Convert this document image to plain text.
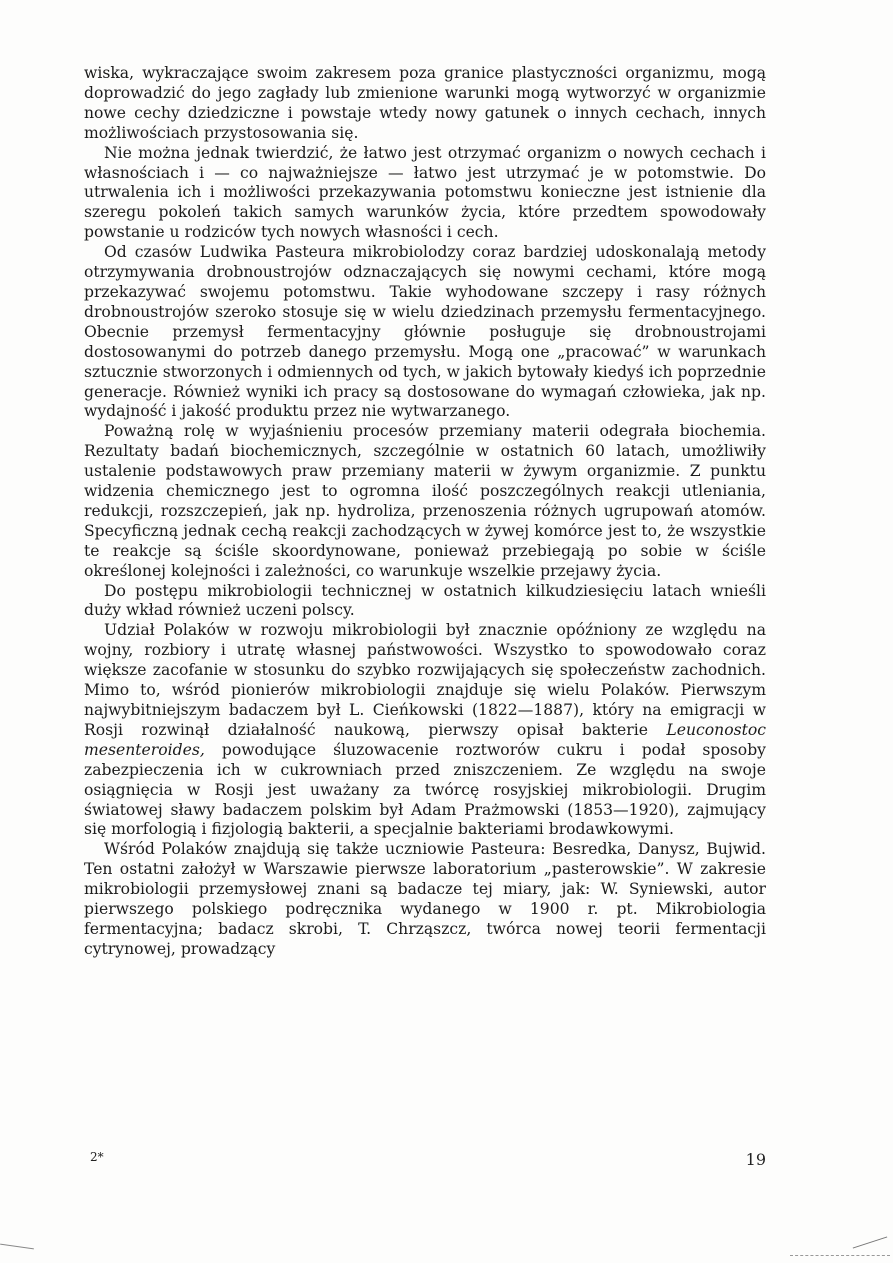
wiska, wykraczające swoim zakresem poza granice plastyczności organizmu, mogą doprowadzić do jego zagłady lub zmienione warunki mogą wytworzyć w organizmie nowe cechy dziedziczne i powstaje wtedy nowy gatunek o innych cechach, innych możliwościach przystosowania się.

Nie można jednak twierdzić, że łatwo jest otrzymać organizm o nowych cechach i własnościach i — co najważniejsze — łatwo jest utrzymać je w potomstwie. Do utrwalenia ich i możliwości przekazywania potomstwu konieczne jest istnienie dla szeregu pokoleń takich samych warunków życia, które przedtem spowodowały powstanie u rodziców tych nowych własności i cech.

Od czasów Ludwika Pasteura mikrobiolodzy coraz bardziej udoskonalają metody otrzymywania drobnoustrojów odznaczających się nowymi cechami, które mogą przekazywać swojemu potomstwu. Takie wyhodowane szczepy i rasy różnych drobnoustrojów szeroko stosuje się w wielu dziedzinach przemysłu fermentacyjnego. Obecnie przemysł fermentacyjny głównie posługuje się drobnoustrojami dostosowanymi do potrzeb danego przemysłu. Mogą one „pracować” w warunkach sztucznie stworzonych i odmiennych od tych, w jakich bytowały kiedyś ich poprzednie generacje. Również wyniki ich pracy są dostosowane do wymagań człowieka, jak np. wydajność i jakość produktu przez nie wytwarzanego.

Poważną rolę w wyjaśnieniu procesów przemiany materii odegrała biochemia. Rezultaty badań biochemicznych, szczególnie w ostatnich 60 latach, umożliwiły ustalenie podstawowych praw przemiany materii w żywym organizmie. Z punktu widzenia chemicznego jest to ogromna ilość poszczególnych reakcji utleniania, redukcji, rozszczepień, jak np. hydroliza, przenoszenia różnych ugrupowań atomów. Specyficzną jednak cechą reakcji zachodzących w żywej komórce jest to, że wszystkie te reakcje są ściśle skoordynowane, ponieważ przebiegają po sobie w ściśle określonej kolejności i zależności, co warunkuje wszelkie przejawy życia.

Do postępu mikrobiologii technicznej w ostatnich kilkudziesięciu latach wnieśli duży wkład również uczeni polscy.

Udział Polaków w rozwoju mikrobiologii był znacznie opóźniony ze względu na wojny, rozbiory i utratę własnej państwowości. Wszystko to spowodowało coraz większe zacofanie w stosunku do szybko rozwijających się społeczeństw zachodnich. Mimo to, wśród pionierów mikrobiologii znajduje się wielu Polaków. Pierwszym najwybitniejszym badaczem był L. Cieńkowski (1822—1887), który na emigracji w Rosji rozwinął działalność naukową, pierwszy opisał bakterie Leuconostoc mesenteroides, powodujące śluzowacenie roztworów cukru i podał sposoby zabezpieczenia ich w cukrowniach przed zniszczeniem. Ze względu na swoje osiągnięcia w Rosji jest uważany za twórcę rosyjskiej mikrobiologii. Drugim światowej sławy badaczem polskim był Adam Prażmowski (1853—1920), zajmujący się morfologią i fizjologią bakterii, a specjalnie bakteriami brodawkowymi.

Wśród Polaków znajdują się także uczniowie Pasteura: Besredka, Danysz, Bujwid. Ten ostatni założył w Warszawie pierwsze laboratorium „pasterowskie”. W zakresie mikrobiologii przemysłowej znani są badacze tej miary, jak: W. Syniewski, autor pierwszego polskiego podręcznika wydanego w 1900 r. pt. Mikrobiologia fermentacyjna; badacz skrobi, T. Chrząszcz, twórca nowej teorii fermentacji cytrynowej, prowadzący

2*	19
